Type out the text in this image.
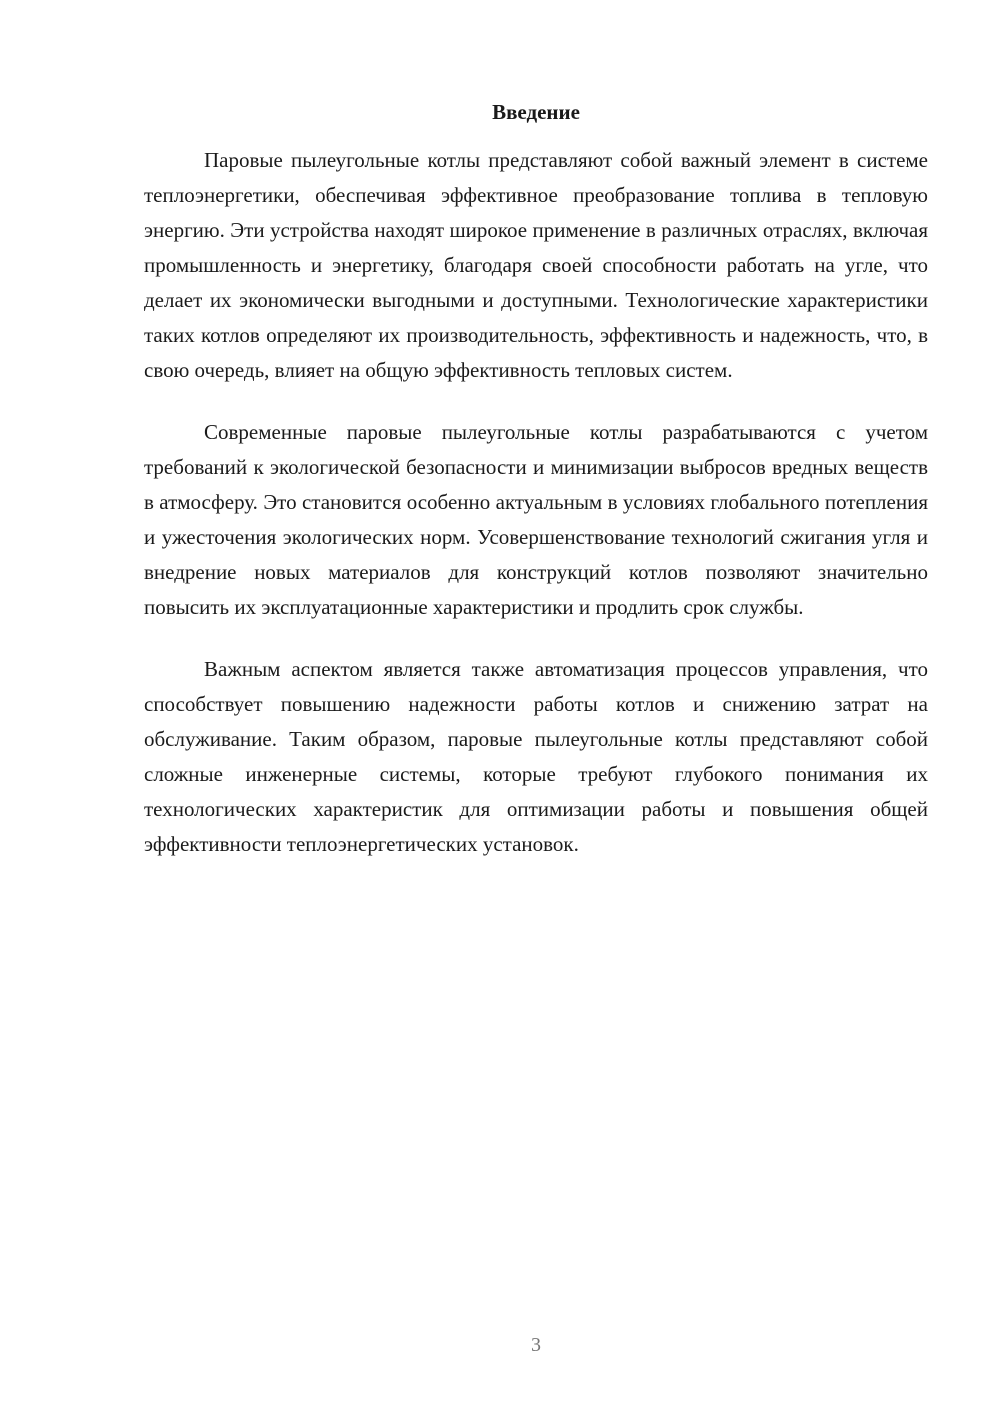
Введение

Паровые пылеугольные котлы представляют собой важный элемент в системе теплоэнергетики, обеспечивая эффективное преобразование топлива в тепловую энергию. Эти устройства находят широкое применение в различных отраслях, включая промышленность и энергетику, благодаря своей способности работать на угле, что делает их экономически выгодными и доступными. Технологические характеристики таких котлов определяют их производительность, эффективность и надежность, что, в свою очередь, влияет на общую эффективность тепловых систем.

Современные паровые пылеугольные котлы разрабатываются с учетом требований к экологической безопасности и минимизации выбросов вредных веществ в атмосферу. Это становится особенно актуальным в условиях глобального потепления и ужесточения экологических норм. Усовершенствование технологий сжигания угля и внедрение новых материалов для конструкций котлов позволяют значительно повысить их эксплуатационные характеристики и продлить срок службы.

Важным аспектом является также автоматизация процессов управления, что способствует повышению надежности работы котлов и снижению затрат на обслуживание. Таким образом, паровые пылеугольные котлы представляют собой сложные инженерные системы, которые требуют глубокого понимания их технологических характеристик для оптимизации работы и повышения общей эффективности теплоэнергетических установок.

3
